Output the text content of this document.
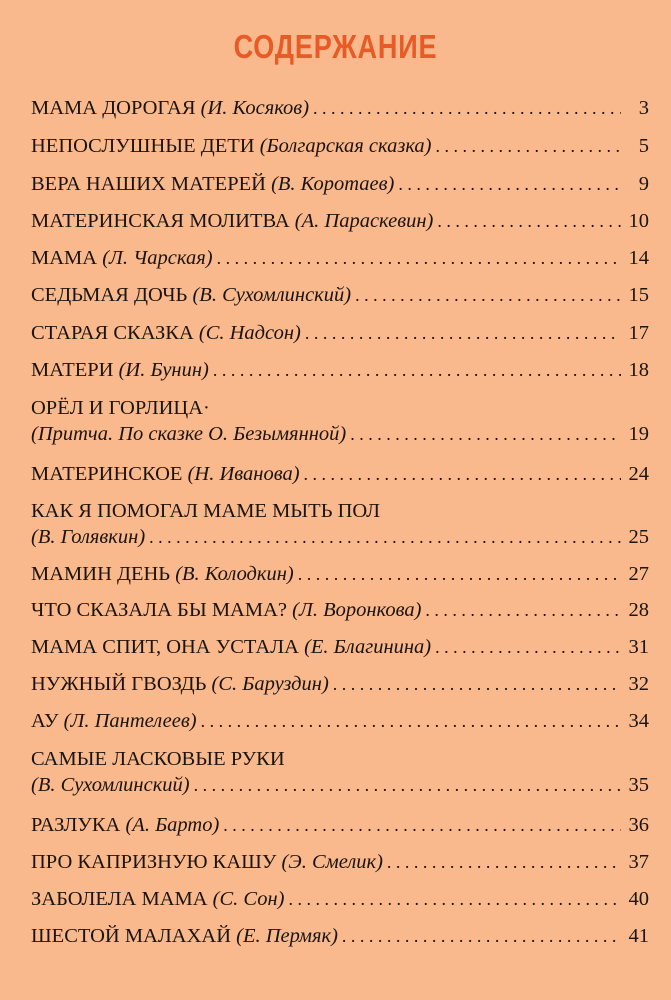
СОДЕРЖАНИЕ
МАМА ДОРОГАЯ (И. Косяков) . . .	3
НЕПОСЛУШНЫЕ ДЕТИ (Болгарская сказка) . . .	5
ВЕРА НАШИХ МАТЕРЕЙ (В. Коротаев) . . .	9
МАТЕРИНСКАЯ МОЛИТВА (А. Параскевин) . . .	10
МАМА (Л. Чарская) . . .	14
СЕДЬМАЯ ДОЧЬ (В. Сухомлинский) . . .	15
СТАРАЯ СКАЗКА (С. Надсон) . . .	17
МАТЕРИ (И. Бунин) . . .	18
ОРЁЛ И ГОРЛИЦА·
(Притча. По сказке О. Безымянной) . . .	19
МАТЕРИНСКОЕ (Н. Иванова) . . .	24
КАК Я ПОМОГАЛ МАМЕ МЫТЬ ПОЛ
(В. Голявкин) . . .	25
МАМИН ДЕНЬ (В. Колодкин) . . .	27
ЧТО СКАЗАЛА БЫ МАМА? (Л. Воронкова) . . .	28
МАМА СПИТ, ОНА УСТАЛА (Е. Благинина) . . .	31
НУЖНЫЙ ГВОЗДЬ (С. Баруздин) . . .	32
АУ (Л. Пантелеев) . . .	34
САМЫЕ ЛАСКОВЫЕ РУКИ
(В. Сухомлинский) . . .	35
РАЗЛУКА (А. Барто) . . .	36
ПРО КАПРИЗНУЮ КАШУ (Э. Смелик) . . .	37
ЗАБОЛЕЛА МАМА (С. Сон) . . .	40
ШЕСТОЙ МАЛАХАЙ (Е. Пермяк) . . .	41
